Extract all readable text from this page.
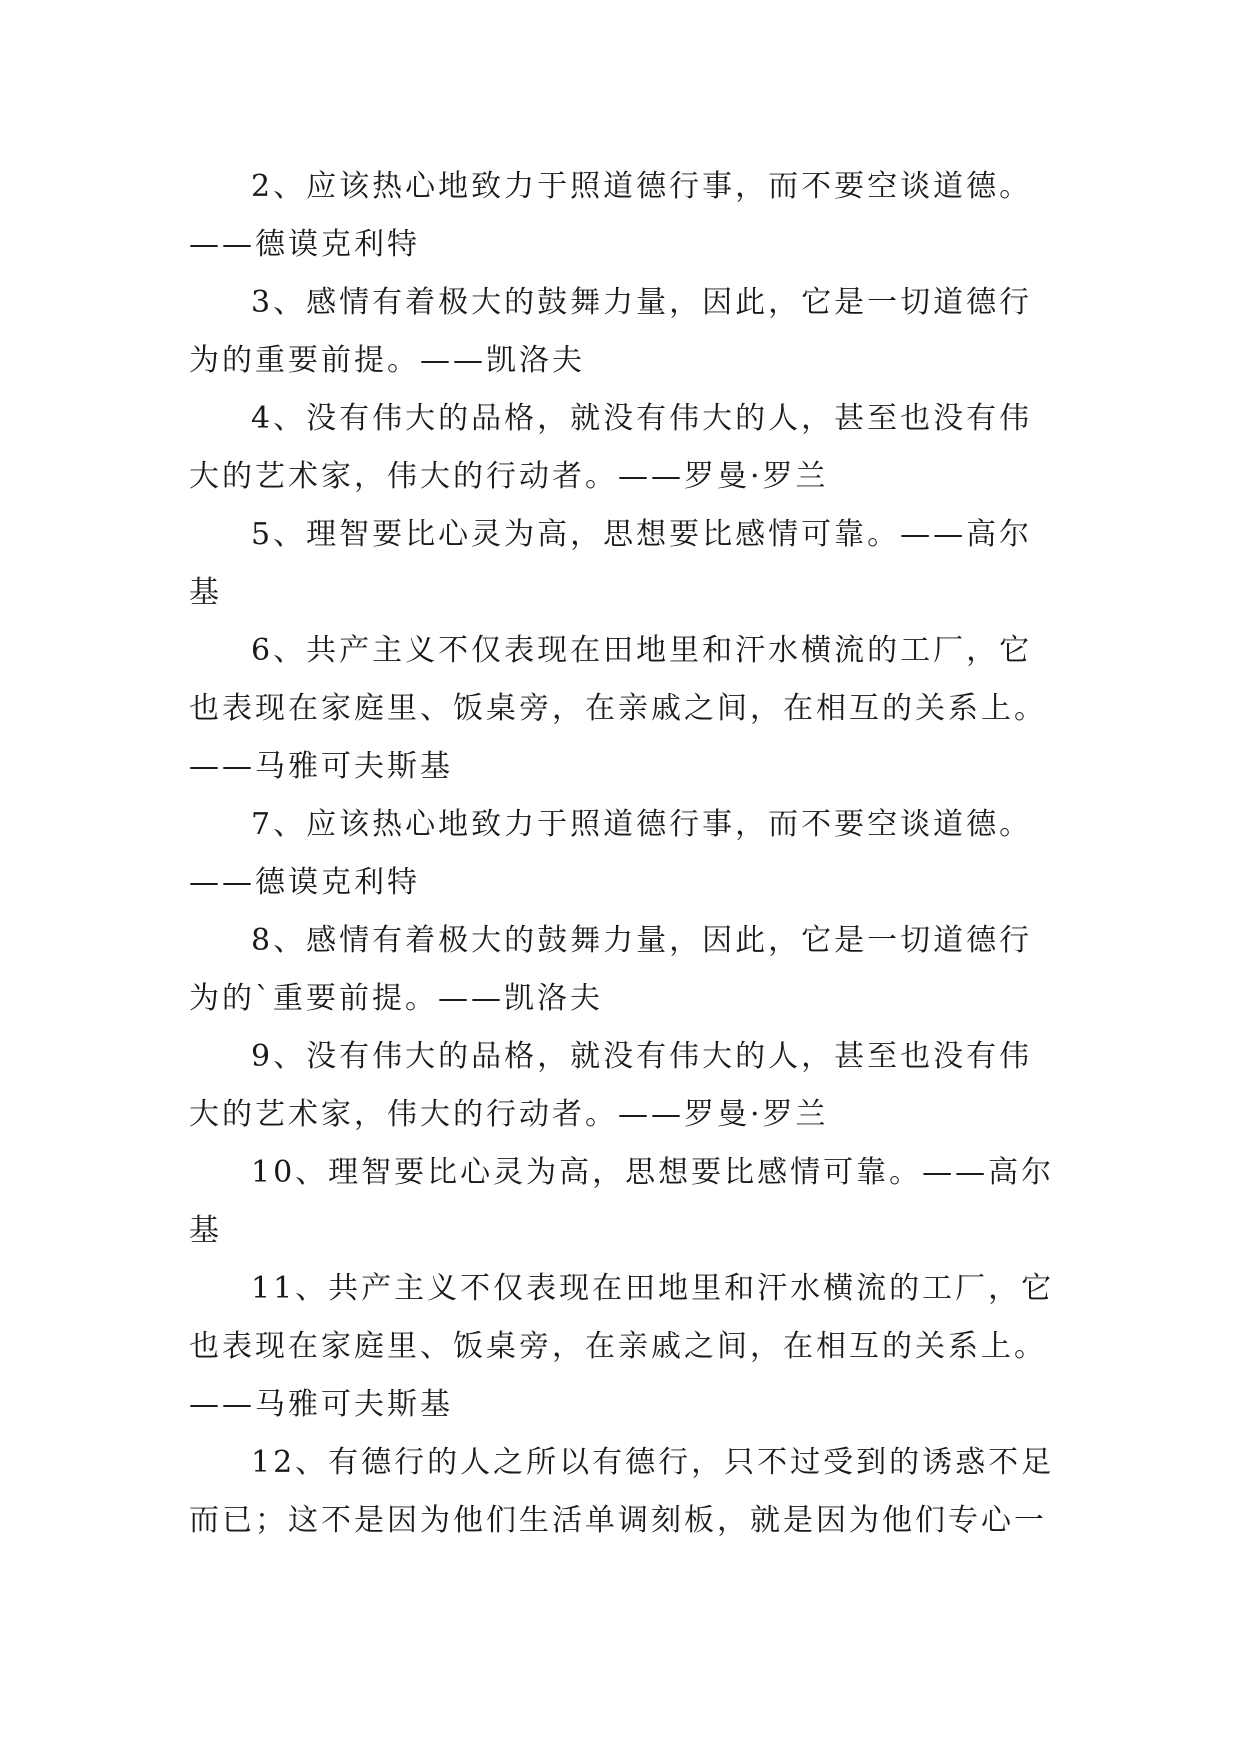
2、应该热心地致力于照道德行事，而不要空谈道德。
——德谟克利特

3、感情有着极大的鼓舞力量，因此，它是一切道德行
为的重要前提。——凯洛夫

4、没有伟大的品格，就没有伟大的人，甚至也没有伟
大的艺术家，伟大的行动者。——罗曼·罗兰

5、理智要比心灵为高，思想要比感情可靠。——高尔
基

6、共产主义不仅表现在田地里和汗水横流的工厂，它
也表现在家庭里、饭桌旁，在亲戚之间，在相互的关系上。
——马雅可夫斯基

7、应该热心地致力于照道德行事，而不要空谈道德。
——德谟克利特

8、感情有着极大的鼓舞力量，因此，它是一切道德行
为的`重要前提。——凯洛夫

9、没有伟大的品格，就没有伟大的人，甚至也没有伟
大的艺术家，伟大的行动者。——罗曼·罗兰

10、理智要比心灵为高，思想要比感情可靠。——高尔
基

11、共产主义不仅表现在田地里和汗水横流的工厂，它
也表现在家庭里、饭桌旁，在亲戚之间，在相互的关系上。
——马雅可夫斯基

12、有德行的人之所以有德行，只不过受到的诱惑不足
而已；这不是因为他们生活单调刻板，就是因为他们专心一
